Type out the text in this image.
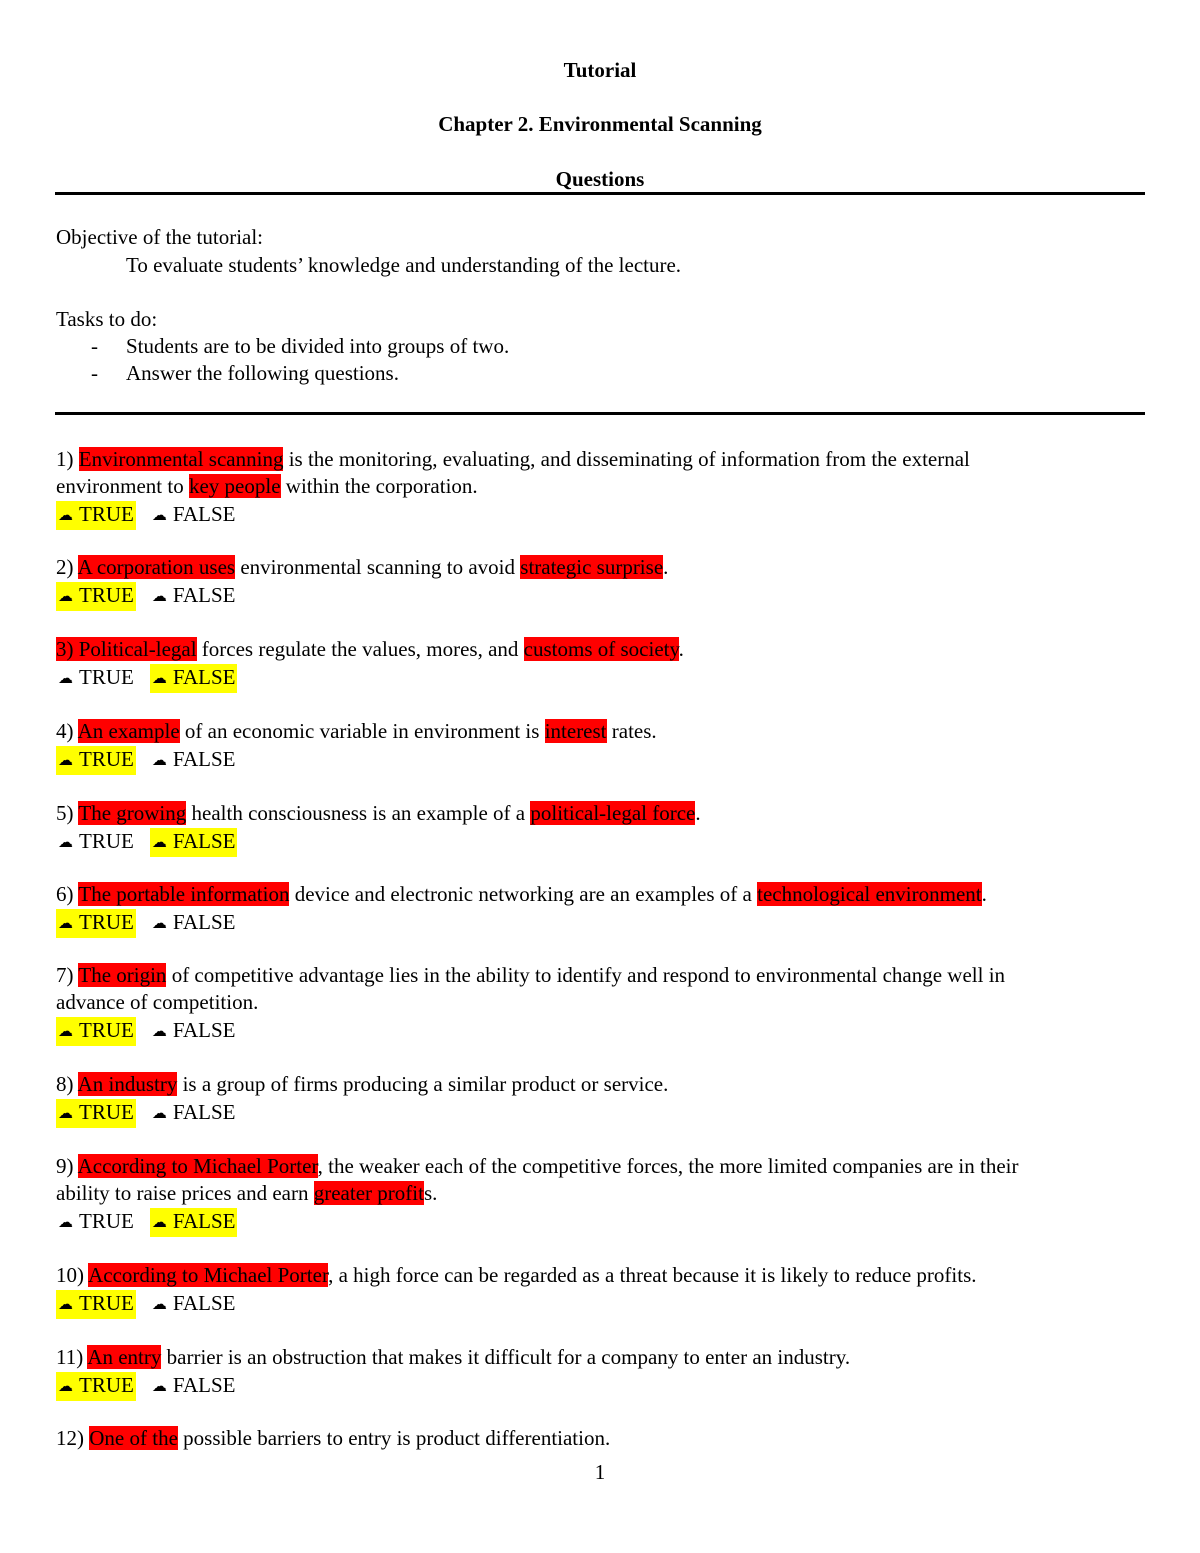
Tutorial
Chapter 2. Environmental Scanning
Questions
Objective of the tutorial:
To evaluate students’ knowledge and understanding of the lecture.
Tasks to do:
- Students are to be divided into groups of two.
- Answer the following questions.
1) Environmental scanning is the monitoring, evaluating, and disseminating of information from the external
environment to key people within the corporation.
☁ TRUE ☁ FALSE
2) A corporation uses environmental scanning to avoid strategic surprise.
☁ TRUE ☁ FALSE
3) Political-legal forces regulate the values, mores, and customs of society.
☁ TRUE ☁ FALSE
4) An example of an economic variable in environment is interest rates.
☁ TRUE ☁ FALSE
5) The growing health consciousness is an example of a political-legal force.
☁ TRUE ☁ FALSE
6) The portable information device and electronic networking are an examples of a technological environment.
☁ TRUE ☁ FALSE
7) The origin of competitive advantage lies in the ability to identify and respond to environmental change well in
advance of competition.
☁ TRUE ☁ FALSE
8) An industry is a group of firms producing a similar product or service.
☁ TRUE ☁ FALSE
9) According to Michael Porter, the weaker each of the competitive forces, the more limited companies are in their
ability to raise prices and earn greater profits.
☁ TRUE ☁ FALSE
10) According to Michael Porter, a high force can be regarded as a threat because it is likely to reduce profits.
☁ TRUE ☁ FALSE
11) An entry barrier is an obstruction that makes it difficult for a company to enter an industry.
☁ TRUE ☁ FALSE
12) One of the possible barriers to entry is product differentiation.
1
